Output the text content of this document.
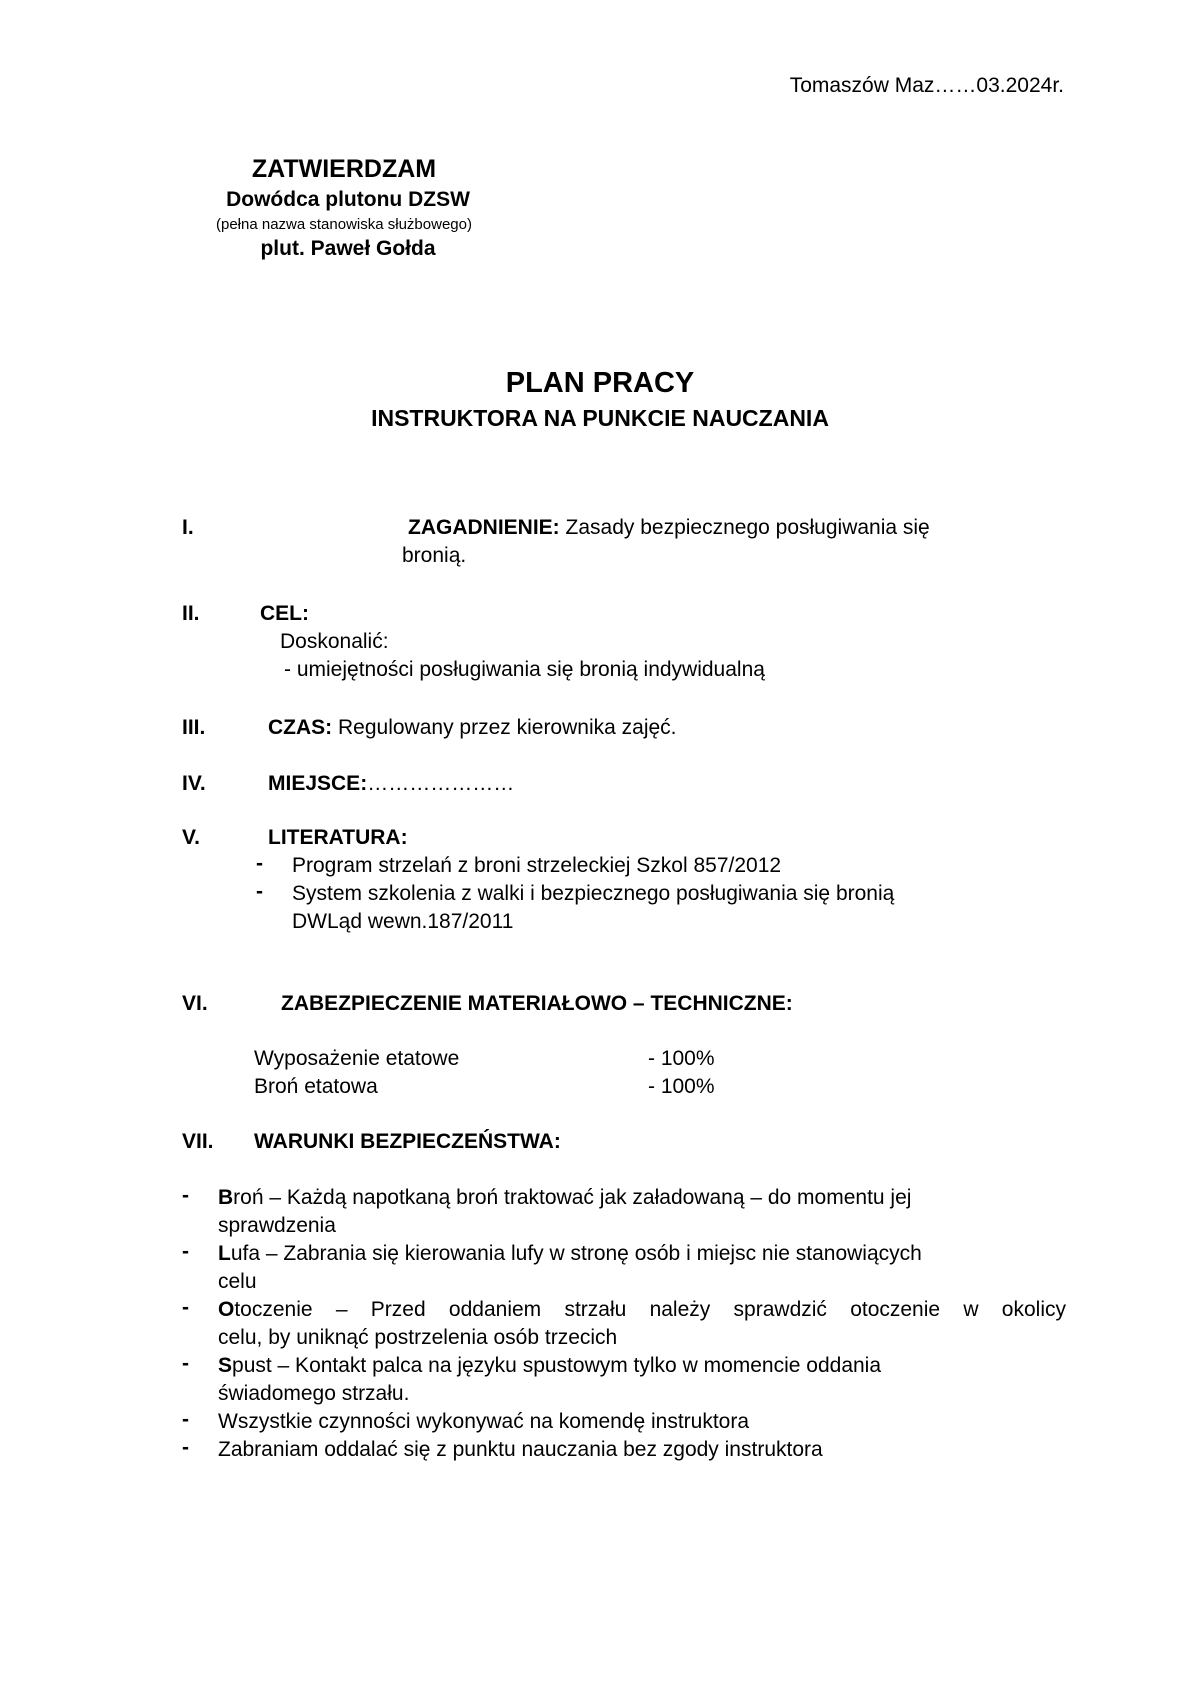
Tomaszów Maz……03.2024r.
ZATWIERDZAM
Dowódca plutonu DZSW
(pełna nazwa stanowiska służbowego)
plut. Paweł Gołda
PLAN PRACY
INSTRUKTORA NA PUNKCIE NAUCZANIA
I.	ZAGADNIENIE: Zasady bezpiecznego posługiwania się
bronią.
II.	CEL:
Doskonalić:
- umiejętności posługiwania się bronią indywidualną
III.	CZAS: Regulowany przez kierownika zajęć.
IV.	MIEJSCE:…………………
V.	LITERATURA:
- Program strzelań z broni strzeleckiej Szkol 857/2012
- System szkolenia z walki i bezpiecznego posługiwania się bronią
DWLąd wewn.187/2011
VI.	ZABEZPIECZENIE MATERIAŁOWO – TECHNICZNE:
Wyposażenie etatowe	- 100%
Broń etatowa	- 100%
VII. WARUNKI BEZPIECZEŃSTWA:
- Broń – Każdą napotkaną broń traktować jak załadowaną – do momentu jej
sprawdzenia
- Lufa – Zabrania się kierowania lufy w stronę osób i miejsc nie stanowiących
celu
- Otoczenie – Przed oddaniem strzału należy sprawdzić otoczenie w okolicy
celu, by uniknąć postrzelenia osób trzecich
- Spust – Kontakt palca na języku spustowym tylko w momencie oddania
świadomego strzału.
- Wszystkie czynności wykonywać na komendę instruktora
- Zabraniam oddalać się z punktu nauczania bez zgody instruktora
